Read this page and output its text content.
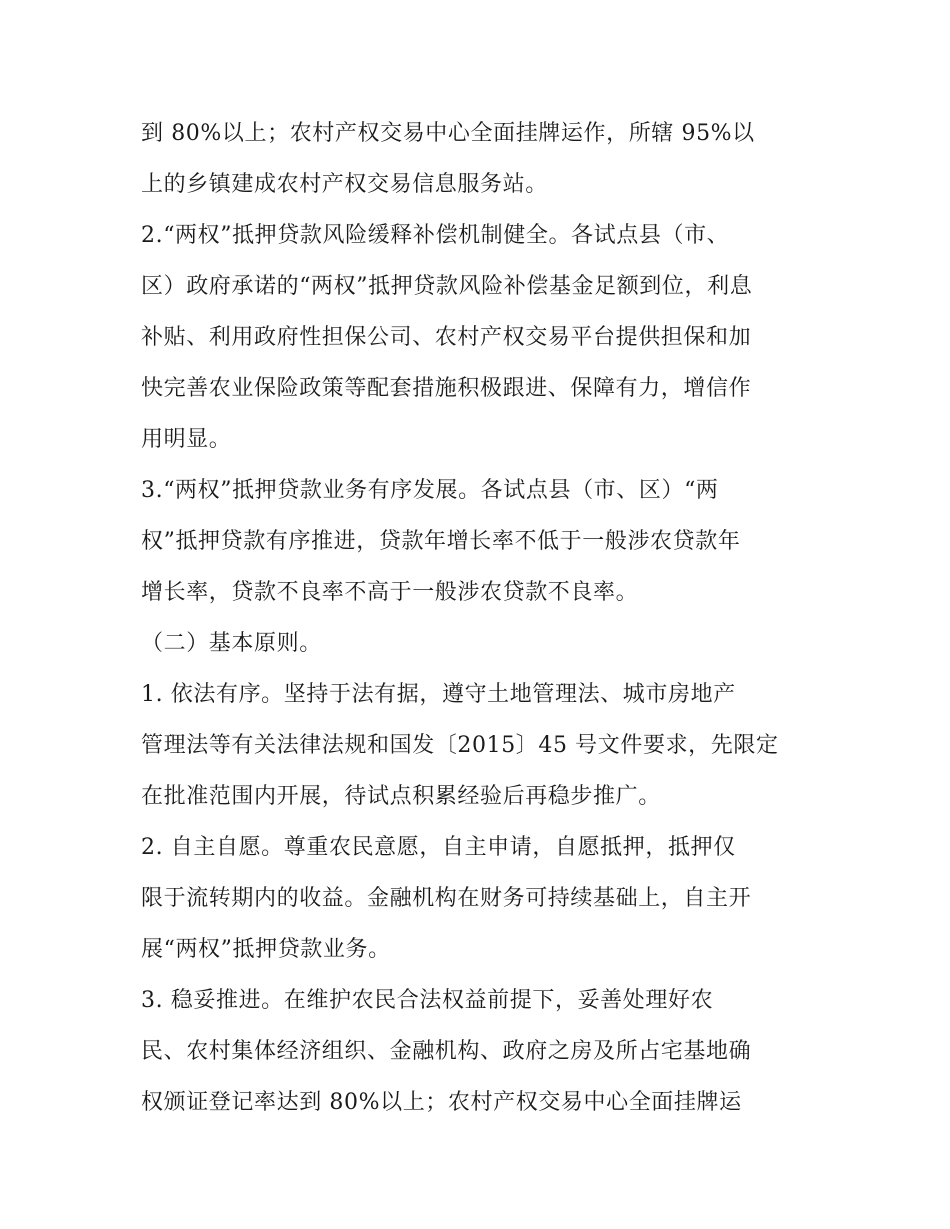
到 80%以上；农村产权交易中心全面挂牌运作，所辖 95%以
上的乡镇建成农村产权交易信息服务站。
2.“两权”抵押贷款风险缓释补偿机制健全。各试点县（市、
区）政府承诺的“两权”抵押贷款风险补偿基金足额到位，利息
补贴、利用政府性担保公司、农村产权交易平台提供担保和加
快完善农业保险政策等配套措施积极跟进、保障有力，增信作
用明显。
3.“两权”抵押贷款业务有序发展。各试点县（市、区）“两
权”抵押贷款有序推进，贷款年增长率不低于一般涉农贷款年
增长率，贷款不良率不高于一般涉农贷款不良率。
（二）基本原则。
1. 依法有序。坚持于法有据，遵守土地管理法、城市房地产
管理法等有关法律法规和国发〔2015〕45 号文件要求，先限定
在批准范围内开展，待试点积累经验后再稳步推广。
2. 自主自愿。尊重农民意愿，自主申请，自愿抵押，抵押仅
限于流转期内的收益。金融机构在财务可持续基础上，自主开
展“两权”抵押贷款业务。
3. 稳妥推进。在维护农民合法权益前提下，妥善处理好农
民、农村集体经济组织、金融机构、政府之房及所占宅基地确
权颁证登记率达到 80%以上；农村产权交易中心全面挂牌运
